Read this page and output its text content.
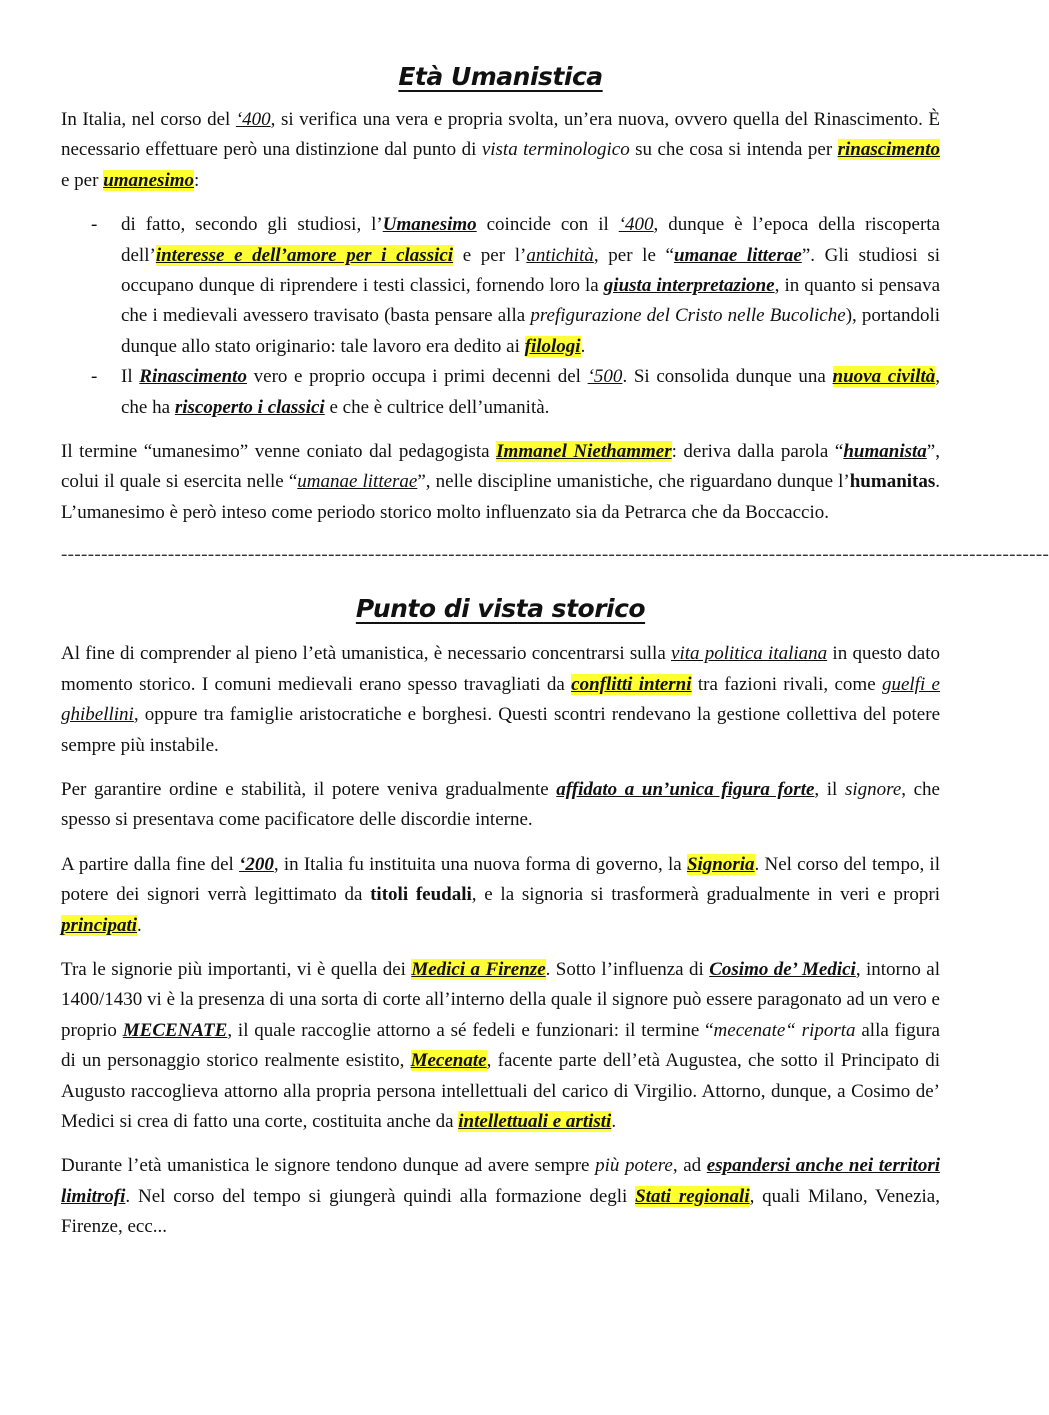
Età Umanistica

In Italia, nel corso del ‘400, si verifica una vera e propria svolta, un’era nuova, ovvero quella del Rinascimento. È necessario effettuare però una distinzione dal punto di vista terminologico su che cosa si intenda per rinascimento e per umanesimo:

- di fatto, secondo gli studiosi, l’Umanesimo coincide con il ‘400, dunque è l’epoca della riscoperta dell’interesse e dell’amore per i classici e per l’antichità, per le “umanae litterae”. Gli studiosi si occupano dunque di riprendere i testi classici, fornendo loro la giusta interpretazione, in quanto si pensava che i medievali avessero travisato (basta pensare alla prefigurazione del Cristo nelle Bucoliche), portandoli dunque allo stato originario: tale lavoro era dedito ai filologi.
- Il Rinascimento vero e proprio occupa i primi decenni del ‘500. Si consolida dunque una nuova civiltà, che ha riscoperto i classici e che è cultrice dell’umanità.

Il termine “umanesimo” venne coniato dal pedagogista Immanel Niethammer: deriva dalla parola “humanista”, colui il quale si esercita nelle “umanae litterae”, nelle discipline umanistiche, che riguardano dunque l’humanitas. L’umanesimo è però inteso come periodo storico molto influenzato sia da Petrarca che da Boccaccio.

----------------------------------------------------------------------------------------------------------------------------------------------------
Punto di vista storico

Al fine di comprender al pieno l’età umanistica, è necessario concentrarsi sulla vita politica italiana in questo dato momento storico. I comuni medievali erano spesso travagliati da conflitti interni tra fazioni rivali, come guelfi e ghibellini, oppure tra famiglie aristocratiche e borghesi. Questi scontri rendevano la gestione collettiva del potere sempre più instabile.

Per garantire ordine e stabilità, il potere veniva gradualmente affidato a un’unica figura forte, il signore, che spesso si presentava come pacificatore delle discordie interne.

A partire dalla fine del ‘200, in Italia fu instituita una nuova forma di governo, la Signoria. Nel corso del tempo, il potere dei signori verrà legittimato da titoli feudali, e la signoria si trasformerà gradualmente in veri e propri principati.

Tra le signorie più importanti, vi è quella dei Medici a Firenze. Sotto l’influenza di Cosimo de’ Medici, intorno al 1400/1430 vi è la presenza di una sorta di corte all’interno della quale il signore può essere paragonato ad un vero e proprio MECENATE, il quale raccoglie attorno a sé fedeli e funzionari: il termine “mecenate“ riporta alla figura di un personaggio storico realmente esistito, Mecenate, facente parte dell’età Augustea, che sotto il Principato di Augusto raccoglieva attorno alla propria persona intellettuali del carico di Virgilio. Attorno, dunque, a Cosimo de’ Medici si crea di fatto una corte, costituita anche da intellettuali e artisti.

Durante l’età umanistica le signore tendono dunque ad avere sempre più potere, ad espandersi anche nei territori limitrofi. Nel corso del tempo si giungerà quindi alla formazione degli Stati regionali, quali Milano, Venezia, Firenze, ecc...
